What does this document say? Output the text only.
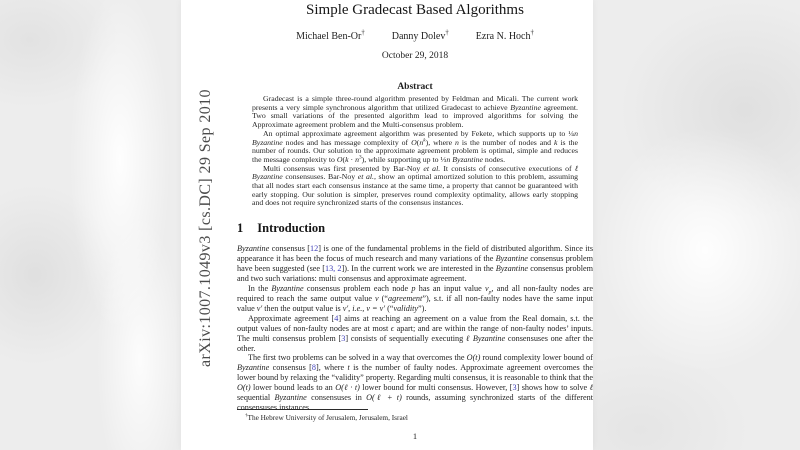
Simple Gradecast Based Algorithms
Michael Ben-Or†	Danny Dolev†	Ezra N. Hoch†
October 29, 2018
Abstract

Gradecast is a simple three-round algorithm presented by Feldman and Micali. The current work presents a very simple synchronous algorithm that utilized Gradecast to achieve Byzantine agreement. Two small variations of the presented algorithm lead to improved algorithms for solving the Approximate agreement problem and the Multi-consensus problem.

An optimal approximate agreement algorithm was presented by Fekete, which supports up to ¼n Byzantine nodes and has message complexity of $O(n^k)$, where n is the number of nodes and k is the number of rounds. Our solution to the approximate agreement problem is optimal, simple and reduces the message complexity to $O(k \cdot n^3)$, while supporting up to ⅓n Byzantine nodes.

Multi consensus was first presented by Bar-Noy et al. It consists of consecutive executions of ℓ Byzantine consensuses. Bar-Noy et al., show an optimal amortized solution to this problem, assuming that all nodes start each consensus instance at the same time, a property that cannot be guaranteed with early stopping. Our solution is simpler, preserves round complexity optimality, allows early stopping and does not require synchronized starts of the consensus instances.

1 Introduction

Byzantine consensus [12] is one of the fundamental problems in the field of distributed algorithm. Since its appearance it has been the focus of much research and many variations of the Byzantine consensus problem have been suggested (see [13, 2]). In the current work we are interested in the Byzantine consensus problem and two such variations: multi consensus and approximate agreement.

In the Byzantine consensus problem each node p has an input value $v_p$, and all non-faulty nodes are required to reach the same output value v (“agreement”), s.t. if all non-faulty nodes have the same input value v′ then the output value is v′, i.e., v = v′ (“validity”).

Approximate agreement [4] aims at reaching an agreement on a value from the Real domain, s.t. the output values of non-faulty nodes are at most ϵ apart; and are within the range of non-faulty nodes’ inputs. The multi consensus problem [3] consists of sequentially executing ℓ Byzantine consensuses one after the other.

The first two problems can be solved in a way that overcomes the O(t) round complexity lower bound of Byzantine consensus [8], where t is the number of faulty nodes. Approximate agreement overcomes the lower bound by relaxing the “validity” property. Regarding multi consensus, it is reasonable to think that the O(t) lower bound leads to an O(ℓ · t) lower bound for multi consensus. However, [3] shows how to solve ℓ sequential Byzantine consensuses in O(ℓ + t) rounds, assuming synchronized starts of the different consensuses instances.

†The Hebrew University of Jerusalem, Jerusalem, Israel
1
arXiv:1007.1049v3 [cs.DC] 29 Sep 2010
